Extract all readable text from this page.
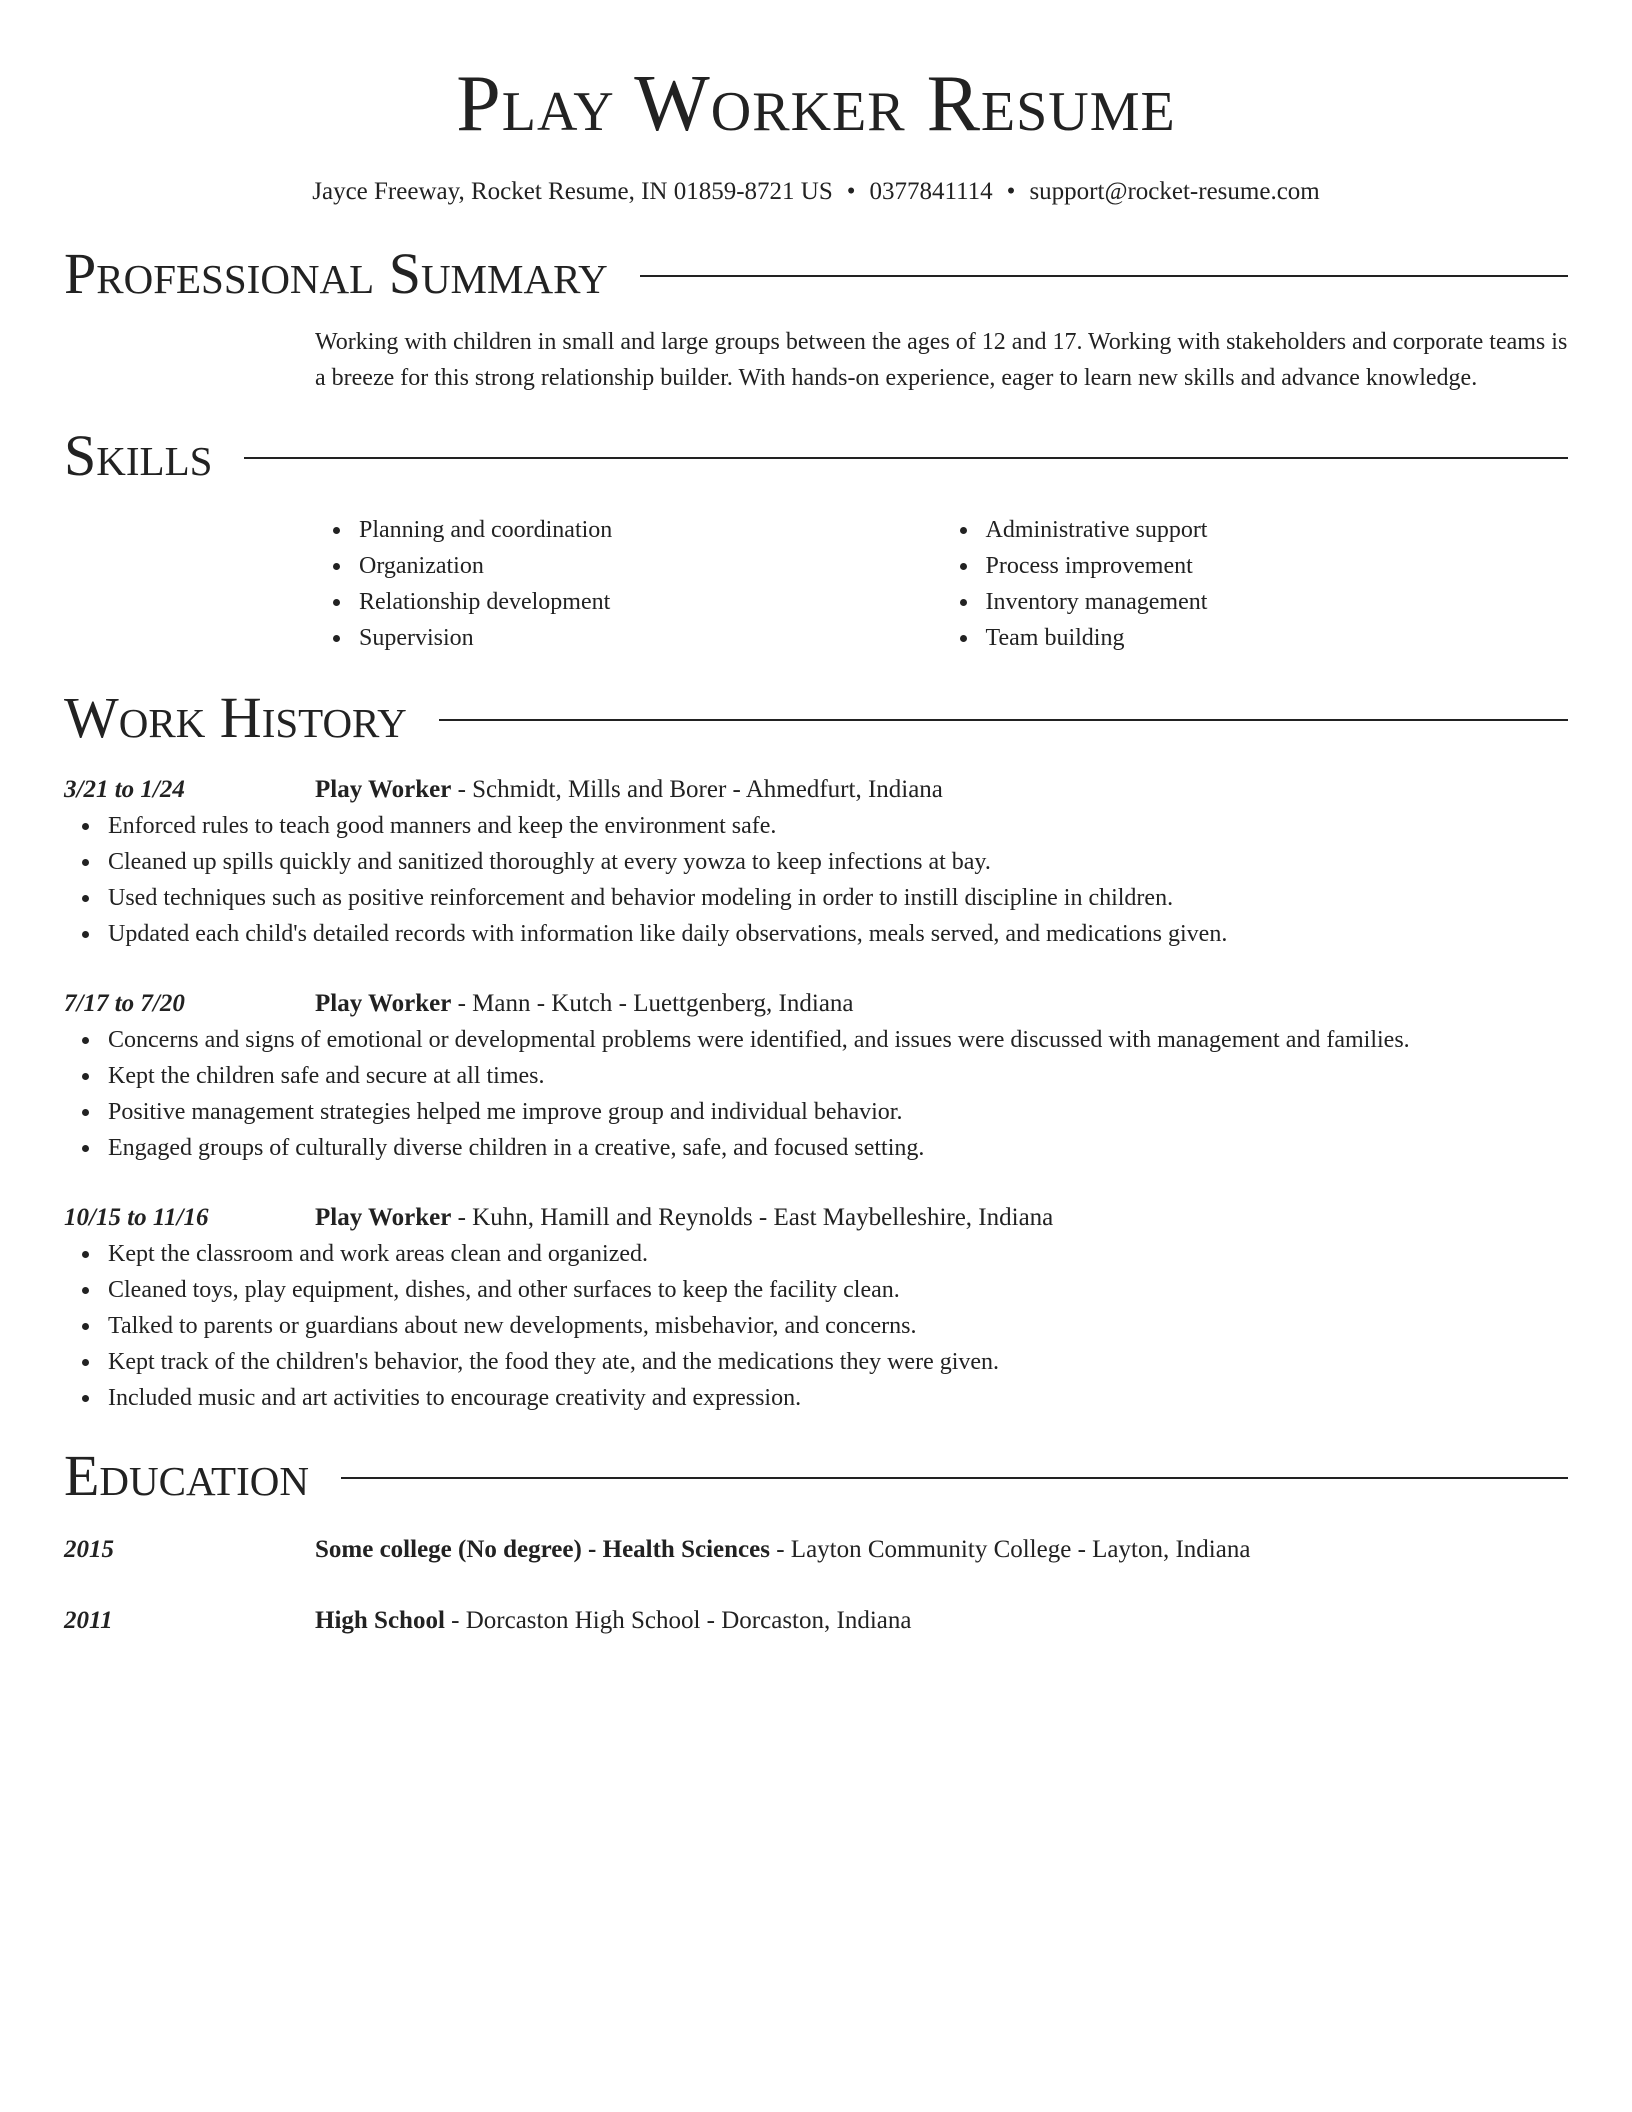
Play Worker Resume
Jayce Freeway, Rocket Resume, IN 01859-8721 US • 0377841114 • support@rocket-resume.com
Professional Summary

Working with children in small and large groups between the ages of 12 and 17. Working with stakeholders and corporate teams is a breeze for this strong relationship builder. With hands-on experience, eager to learn new skills and advance knowledge.

Skills
Planning and coordination
Organization
Relationship development
Supervision
Administrative support
Process improvement
Inventory management
Team building
Work History
3/21 to 1/24	Play Worker - Schmidt, Mills and Borer - Ahmedfurt, Indiana
Enforced rules to teach good manners and keep the environment safe.
Cleaned up spills quickly and sanitized thoroughly at every yowza to keep infections at bay.
Used techniques such as positive reinforcement and behavior modeling in order to instill discipline in children.
Updated each child's detailed records with information like daily observations, meals served, and medications given.
7/17 to 7/20	Play Worker - Mann - Kutch - Luettgenberg, Indiana
Concerns and signs of emotional or developmental problems were identified, and issues were discussed with management and families.
Kept the children safe and secure at all times.
Positive management strategies helped me improve group and individual behavior.
Engaged groups of culturally diverse children in a creative, safe, and focused setting.
10/15 to 11/16	Play Worker - Kuhn, Hamill and Reynolds - East Maybelleshire, Indiana
Kept the classroom and work areas clean and organized.
Cleaned toys, play equipment, dishes, and other surfaces to keep the facility clean.
Talked to parents or guardians about new developments, misbehavior, and concerns.
Kept track of the children's behavior, the food they ate, and the medications they were given.
Included music and art activities to encourage creativity and expression.
Education
2015	Some college (No degree) - Health Sciences - Layton Community College - Layton, Indiana
2011	High School - Dorcaston High School - Dorcaston, Indiana
